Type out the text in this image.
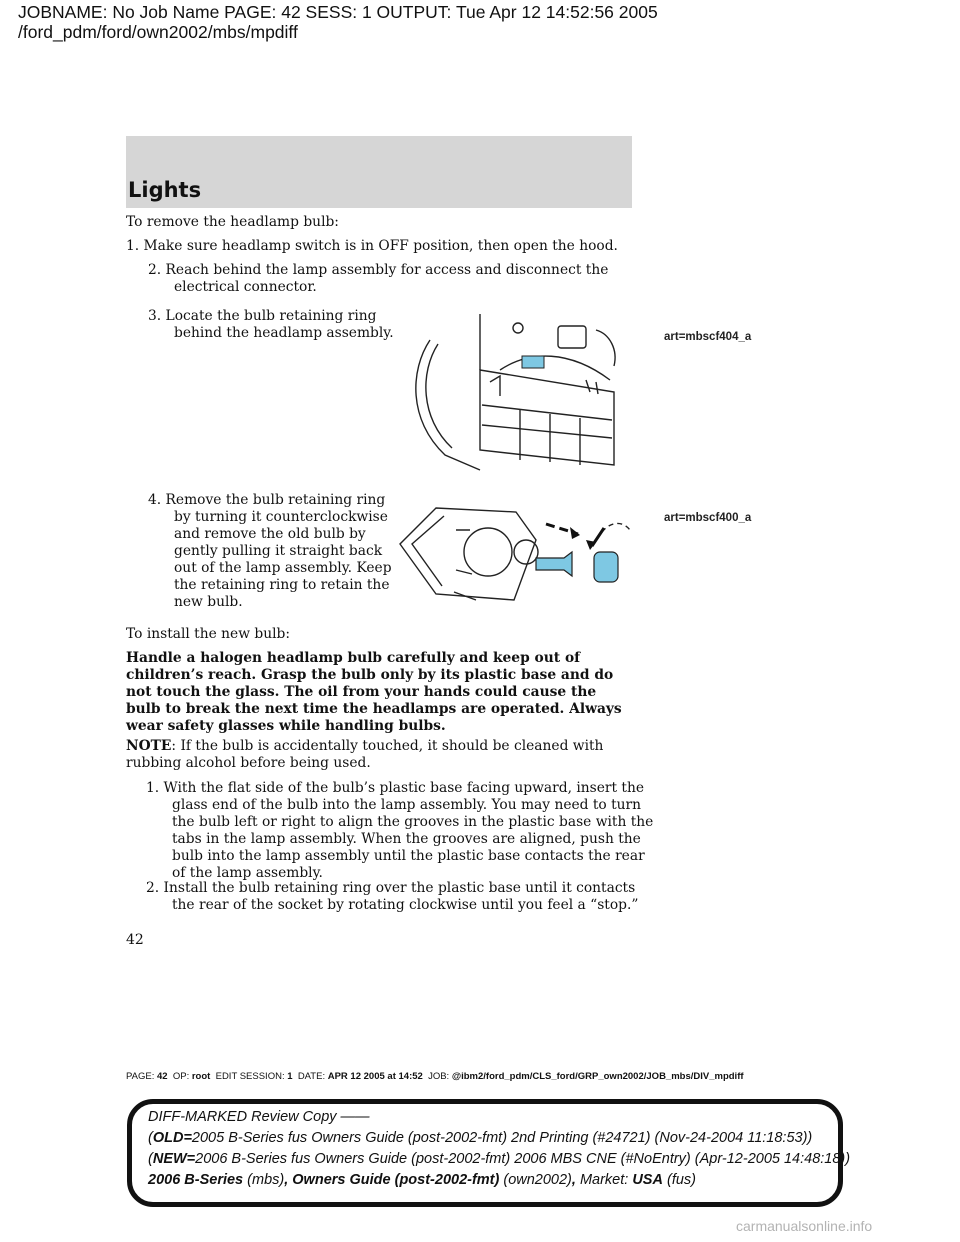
JOBNAME: No Job Name PAGE: 42 SESS: 1 OUTPUT: Tue Apr 12 14:52:56 2005
/ford_pdm/ford/own2002/mbs/mpdiff
Lights

To remove the headlamp bulb:

1. Make sure headlamp switch is in OFF position, then open the hood.

2. Reach behind the lamp assembly for access and disconnect the electrical connector.

3. Locate the bulb retaining ring behind the headlamp assembly.

4. Remove the bulb retaining ring by turning it counterclockwise and remove the old bulb by gently pulling it straight back out of the lamp assembly. Keep the retaining ring to retain the new bulb.

To install the new bulb:

Handle a halogen headlamp bulb carefully and keep out of children’s reach. Grasp the bulb only by its plastic base and do not touch the glass. The oil from your hands could cause the bulb to break the next time the headlamps are operated. Always wear safety glasses while handling bulbs.

NOTE: If the bulb is accidentally touched, it should be cleaned with rubbing alcohol before being used.

1. With the flat side of the bulb’s plastic base facing upward, insert the glass end of the bulb into the lamp assembly. You may need to turn the bulb left or right to align the grooves in the plastic base with the tabs in the lamp assembly. When the grooves are aligned, push the bulb into the lamp assembly until the plastic base contacts the rear of the lamp assembly.

2. Install the bulb retaining ring over the plastic base until it contacts the rear of the socket by rotating clockwise until you feel a “stop.”

art=mbscf404_a
art=mbscf400_a
42
PAGE: 42 OP: root EDIT SESSION: 1 DATE: APR 12 2005 at 14:52 JOB: @ibm2/ford_pdm/CLS_ford/GRP_own2002/JOB_mbs/DIV_mpdiff
DIFF-MARKED Review Copy ——
(OLD=2005 B-Series fus Owners Guide (post-2002-fmt) 2nd Printing (#24721) (Nov-24-2004 11:18:53))
(NEW=2006 B-Series fus Owners Guide (post-2002-fmt) 2006 MBS CNE (#NoEntry) (Apr-12-2005 14:48:18))
2006 B-Series (mbs), Owners Guide (post-2002-fmt) (own2002), Market: USA (fus)
carmanualsonline.info
